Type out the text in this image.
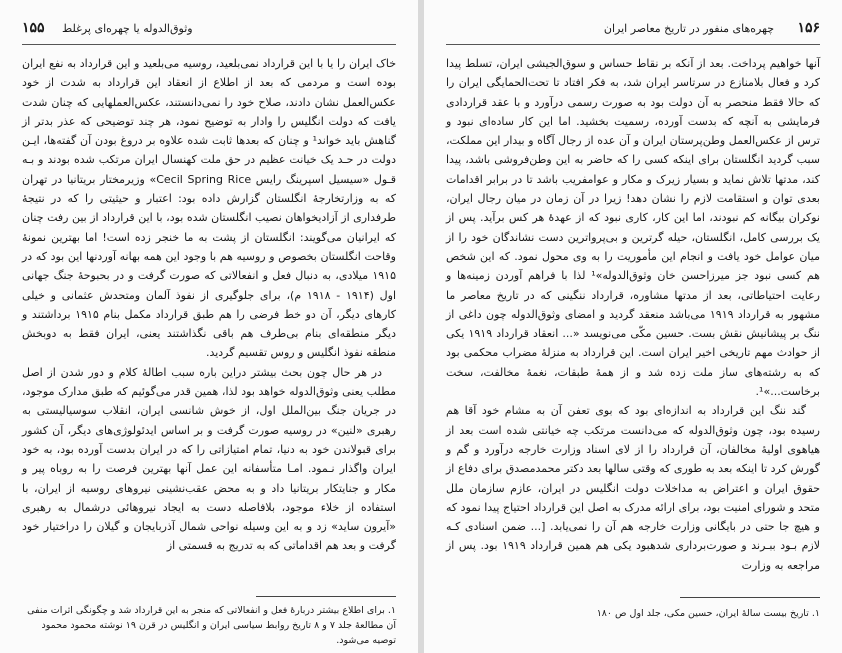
۱۵۵ وثوق‌الدوله یا چهره‌ای پرغلط

خاک ایران را یا با این قرارداد نمی‌بلعید، روسیه می‌بلعید و این قرارداد به نفع ایران بوده است و مردمی که بعد از اطلاع از انعقاد این قرارداد به شدت از خود عکس‌العمل نشان دادند، صلاح خود را نمی‌دانستند، عکس‌العملهایی که چنان شدت یافت که دولت انگلیس را وادار به توضیح نمود، هر چند توضیحی که عذر بدتر از گناهش باید خواند¹ و چنان که بعدها ثابت شده علاوه بر دروغ بودن آن گفته‌ها، ایـن دولت در حـد یک خیانت عظیم در حق ملت کهنسال ایران مرتکب شده بودند و بـه قـول «سیسیل اسپرینگ رایس Cecil Spring Rice» وزیرمختار بریتانیا در تهران که به وزارتخارجهٔ انگلستان گزارش داده بود: اعتبار و حیثیتی را که در نتیجهٔ طرفداری از آزادیخواهان نصیب انگلستان شده بود، با این قرارداد از بین رفت چنان که ایرانیان می‌گویند: انگلستان از پشت به ما خنجر زده است! اما بهترین نمونهٔ وقاحت انگلستان بخصوص و روسیه هم با وجود این همه بهانه آوردنها این بود که در ۱۹۱۵ میلادی، به دنبال فعل و انفعالاتی که صورت گرفت و در بحبوحهٔ جنگ جهانی اول (۱۹۱۴ - ۱۹۱۸ م)، برای جلوگیری از نفوذ آلمان ومتحدش عثمانی و خیلی کارهای دیگر، آن دو خط فرضی را هم طبق قرارداد مکمل بنام ۱۹۱۵ برداشتند و دیگر منطقه‌ای بنام بی‌طرف هم باقی نگذاشتند یعنی، ایران فقط به دوبخش منطقه نفوذ انگلیس و روس تقسیم گردید.

در هر حال چون بحث بیشتر دراین باره سبب اطالهٔ کلام و دور شدن از اصل مطلب یعنی وثوق‌الدوله خواهد بود لذا، همین قدر می‌گوئیم که طبق مدارک موجود، در جریان جنگ بین‌الملل اول، از خوش شانسی ایران، انقلاب سوسیالیستی به رهبری «لنین» در روسیه صورت گرفت و بر اساس ایدئولوژی‌های دیگر، آن کشور برای قبولاندن خود به دنیا، تمام امتیازاتی را که در ایران بدست آورده بود، به خود ایران واگذار نـمود. امـا متأسفانه این عمل آنها بهترین فرصت را به روباه پیر و مکار و جنایتکار بریتانیا داد و به محض عقب‌نشینی نیروهای روسیه از ایران، با استفاده از خلاء موجود، بلافاصله دست به ایجاد نیروهائی درشمال به رهبری «آیرون ساید» زد و به این وسیله نواحی شمال آذربایجان و گیلان را دراختیار خود گرفت و بعد هم اقداماتی که به تدریج به قسمتی از

۱. برای اطلاع بیشتر دربارهٔ فعل و انفعالاتی که منجر به این قرارداد شد و چگونگی اثرات منفی آن مطالعهٔ جلد ۷ و ۸ تاریخ روابط سیاسی ایران و انگلیس در قرن ۱۹ نوشته محمود محمود توصیه می‌شود.

۱۵۶
چهره‌های منفور در تاریخ معاصر ایران

آنها خواهیم پرداخت. بعد از آنکه بر نقاط حساس و سوق‌الجیشی ایران، تسلط پیدا کرد و فعال بلامنازع در سرتاسر ایران شد، به فکر افتاد تا تحت‌الحمایگی ایران را که حالا فقط منحصر به آن دولت بود به صورت رسمی درآورد و با عقد قراردادی فرمایشی به آنچه که بدست آورده، رسمیت بخشید. اما این کار ساده‌ای نبود و ترس از عکس‌العمل وطن‌پرستان ایران و آن عده از رجال آگاه و بیدار این مملکت، سبب گردید انگلستان برای اینکه کسی را که حاضر به این وطن‌فروشی باشد، پیدا کند، مدتها تلاش نماید و بسیار زیرک و مکار و عوامفریب باشد تا در برابر اقدامات بعدی توان و استقامت لازم را نشان دهد! زیرا در آن زمان در میان رجال ایران، نوکران بیگانه کم نبودند، اما این کار، کاری نبود که از عهدهٔ هر کس برآید. پس از یک بررسی کامل، انگلستان، حیله گرترین و بی‌پرواترین دست نشاندگان خود را از میان عوامل خود یافت و انجام این مأموریت را به وی محول نمود. که این شخص هم کسی نبود جز میرزاحسن خان وثوق‌الدوله»¹ لذا با فراهم آوردن زمینه‌ها و رعایت احتیاطاتی، بعد از مدتها مشاوره، قرارداد ننگینی که در تاریخ معاصر ما مشهور به قرارداد ۱۹۱۹ می‌باشد منعقد گردید و امضای وثوق‌الدوله چون داغی از ننگ بر پیشانیش نقش بست. حسین مکّی می‌نویسد «... انعقاد قرارداد ۱۹۱۹ یکی از حوادث مهم تاریخی اخیر ایران است. این قرارداد به منزلهٔ مضراب محکمی بود که به رشته‌های ساز ملت زده شد و از همهٔ طبقات، نغمهٔ مخالفت، سخت برخاست...»¹.

گند ننگ این قرارداد به اندازه‌ای بود که بوی تعفن آن به مشام خود آقا هم رسیده بود، چون وثوق‌الدوله که می‌دانست مرتکب چه خیانتی شده است بعد از هیاهوی اولیهٔ مخالفان، آن قرارداد را از لای اسناد وزارت خارجه درآورد و گم و گورش کرد تا اینکه بعد به طوری که وقتی سالها بعد دکتر محمدمصدق برای دفاع از حقوق ایران و اعتراض به مداخلات دولت انگلیس در ایران، عازم سازمان ملل متحد و شورای امنیت بود، برای ارائه مدرک به اصل این قرارداد احتیاج پیدا نمود که و هیچ جا حتی در بایگانی وزارت خارجه هم آن را نمی‌یابد. [... ضمن اسنادی کـه لازم بـود ببـرند و صورت‌برداری شدهبود یکی هم همین قرارداد ۱۹۱۹ بود. پس از مراجعه به وزارت

۱. تاریخ بیست سالهٔ ایران، حسین مکی، جلد اول ص ۱۸۰
